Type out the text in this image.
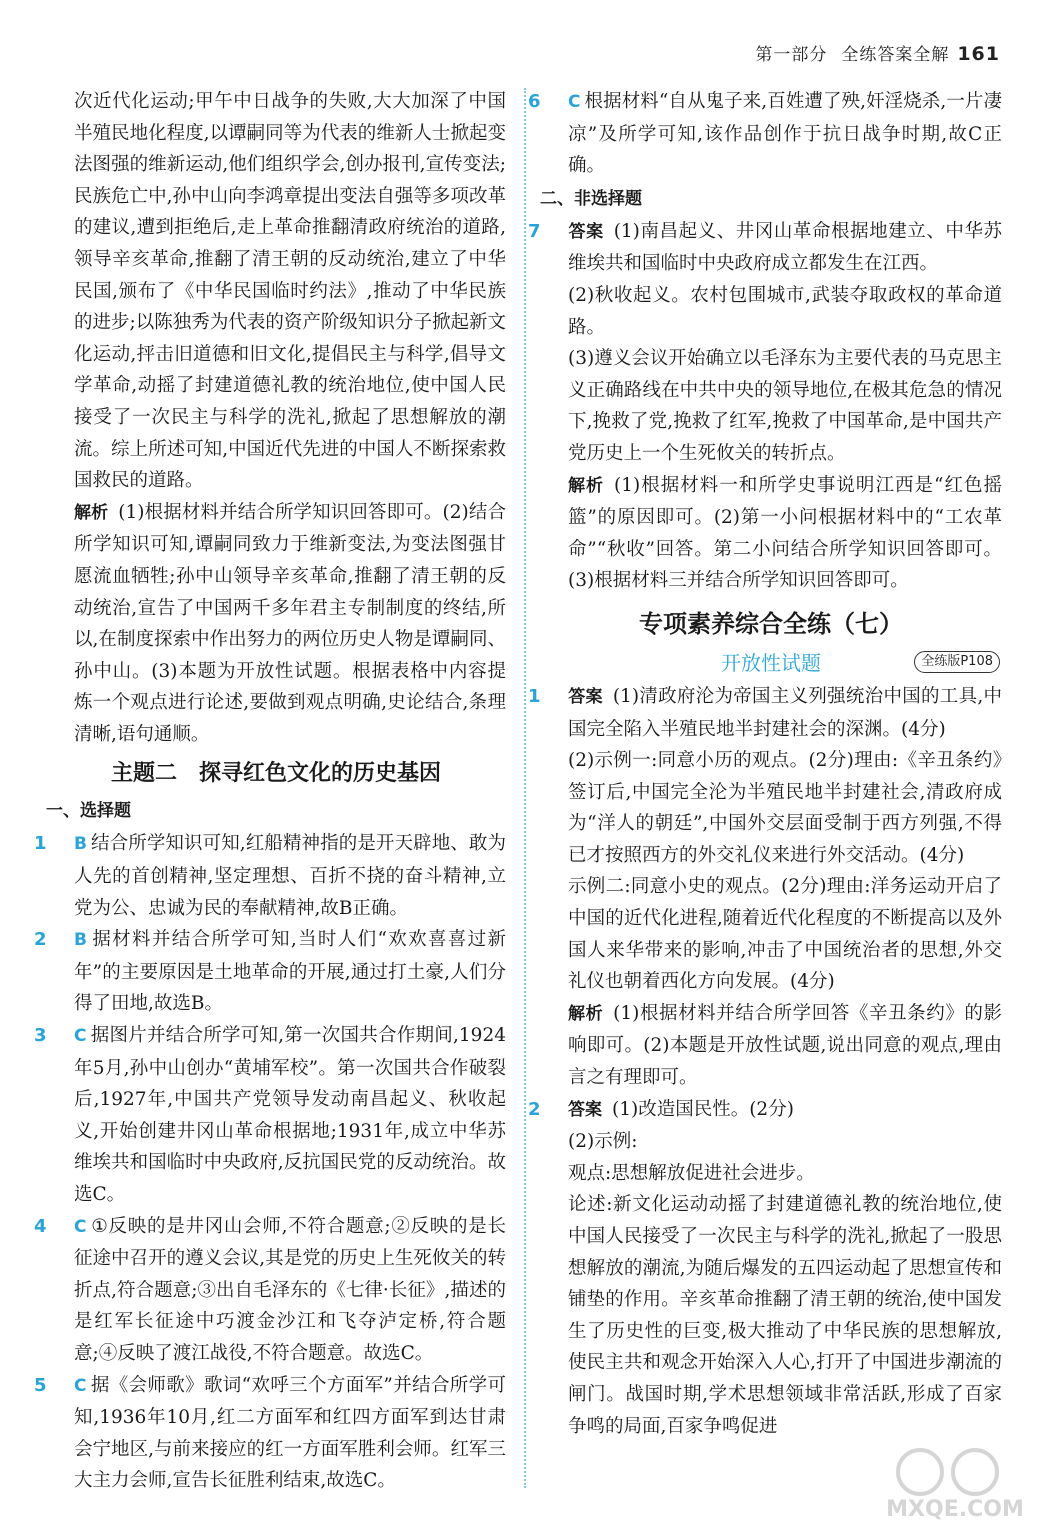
第一部分 全练答案全解 161

次近代化运动;甲午中日战争的失败,大大加深了中国半殖民地化程度,以谭嗣同等为代表的维新人士掀起变法图强的维新运动,他们组织学会,创办报刊,宣传变法;民族危亡中,孙中山向李鸿章提出变法自强等多项改革的建议,遭到拒绝后,走上革命推翻清政府统治的道路,领导辛亥革命,推翻了清王朝的反动统治,建立了中华民国,颁布了《中华民国临时约法》,推动了中华民族的进步;以陈独秀为代表的资产阶级知识分子掀起新文化运动,抨击旧道德和旧文化,提倡民主与科学,倡导文学革命,动摇了封建道德礼教的统治地位,使中国人民接受了一次民主与科学的洗礼,掀起了思想解放的潮流。综上所述可知,中国近代先进的中国人不断探索救国救民的道路。

解析 (1)根据材料并结合所学知识回答即可。(2)结合所学知识可知,谭嗣同致力于维新变法,为变法图强甘愿流血牺牲;孙中山领导辛亥革命,推翻了清王朝的反动统治,宣告了中国两千多年君主专制制度的终结,所以,在制度探索中作出努力的两位历史人物是谭嗣同、孙中山。(3)本题为开放性试题。根据表格中内容提炼一个观点进行论述,要做到观点明确,史论结合,条理清晰,语句通顺。

主题二　探寻红色文化的历史基因
一、选择题

1 B 结合所学知识可知,红船精神指的是开天辟地、敢为人先的首创精神,坚定理想、百折不挠的奋斗精神,立党为公、忠诚为民的奉献精神,故B正确。

2 B 据材料并结合所学可知,当时人们“欢欢喜喜过新年”的主要原因是土地革命的开展,通过打土豪,人们分得了田地,故选B。

3 C 据图片并结合所学可知,第一次国共合作期间,1924年5月,孙中山创办“黄埔军校”。第一次国共合作破裂后,1927年,中国共产党领导发动南昌起义、秋收起义,开始创建井冈山革命根据地;1931年,成立中华苏维埃共和国临时中央政府,反抗国民党的反动统治。故选C。

4 C ①反映的是井冈山会师,不符合题意;②反映的是长征途中召开的遵义会议,其是党的历史上生死攸关的转折点,符合题意;③出自毛泽东的《七律·长征》,描述的是红军长征途中巧渡金沙江和飞夺泸定桥,符合题意;④反映了渡江战役,不符合题意。故选C。

5 C 据《会师歌》歌词“欢呼三个方面军”并结合所学可知,1936年10月,红二方面军和红四方面军到达甘肃会宁地区,与前来接应的红一方面军胜利会师。红军三大主力会师,宣告长征胜利结束,故选C。

6 C 根据材料“自从鬼子来,百姓遭了殃,奸淫烧杀,一片凄凉”及所学可知,该作品创作于抗日战争时期,故C正确。

二、非选择题

7 答案 (1)南昌起义、井冈山革命根据地建立、中华苏维埃共和国临时中央政府成立都发生在江西。

(2)秋收起义。农村包围城市,武装夺取政权的革命道路。

(3)遵义会议开始确立以毛泽东为主要代表的马克思主义正确路线在中共中央的领导地位,在极其危急的情况下,挽救了党,挽救了红军,挽救了中国革命,是中国共产党历史上一个生死攸关的转折点。

解析 (1)根据材料一和所学史事说明江西是“红色摇篮”的原因即可。(2)第一小问根据材料中的“工农革命”“秋收”回答。第二小问结合所学知识回答即可。(3)根据材料三并结合所学知识回答即可。

专项素养综合全练（七）
开放性试题	全练版P108

1 答案 (1)清政府沦为帝国主义列强统治中国的工具,中国完全陷入半殖民地半封建社会的深渊。(4分)

(2)示例一:同意小历的观点。(2分)理由:《辛丑条约》签订后,中国完全沦为半殖民地半封建社会,清政府成为“洋人的朝廷”,中国外交层面受制于西方列强,不得已才按照西方的外交礼仪来进行外交活动。(4分)

示例二:同意小史的观点。(2分)理由:洋务运动开启了中国的近代化进程,随着近代化程度的不断提高以及外国人来华带来的影响,冲击了中国统治者的思想,外交礼仪也朝着西化方向发展。(4分)

解析 (1)根据材料并结合所学回答《辛丑条约》的影响即可。(2)本题是开放性试题,说出同意的观点,理由言之有理即可。

2 答案 (1)改造国民性。(2分)

(2)示例:

观点:思想解放促进社会进步。

论述:新文化运动动摇了封建道德礼教的统治地位,使中国人民接受了一次民主与科学的洗礼,掀起了一股思想解放的潮流,为随后爆发的五四运动起了思想宣传和铺垫的作用。辛亥革命推翻了清王朝的统治,使中国发生了历史性的巨变,极大推动了中华民族的思想解放,使民主共和观念开始深入人心,打开了中国进步潮流的闸门。战国时期,学术思想领域非常活跃,形成了百家争鸣的局面,百家争鸣促进

MXQE.COM
